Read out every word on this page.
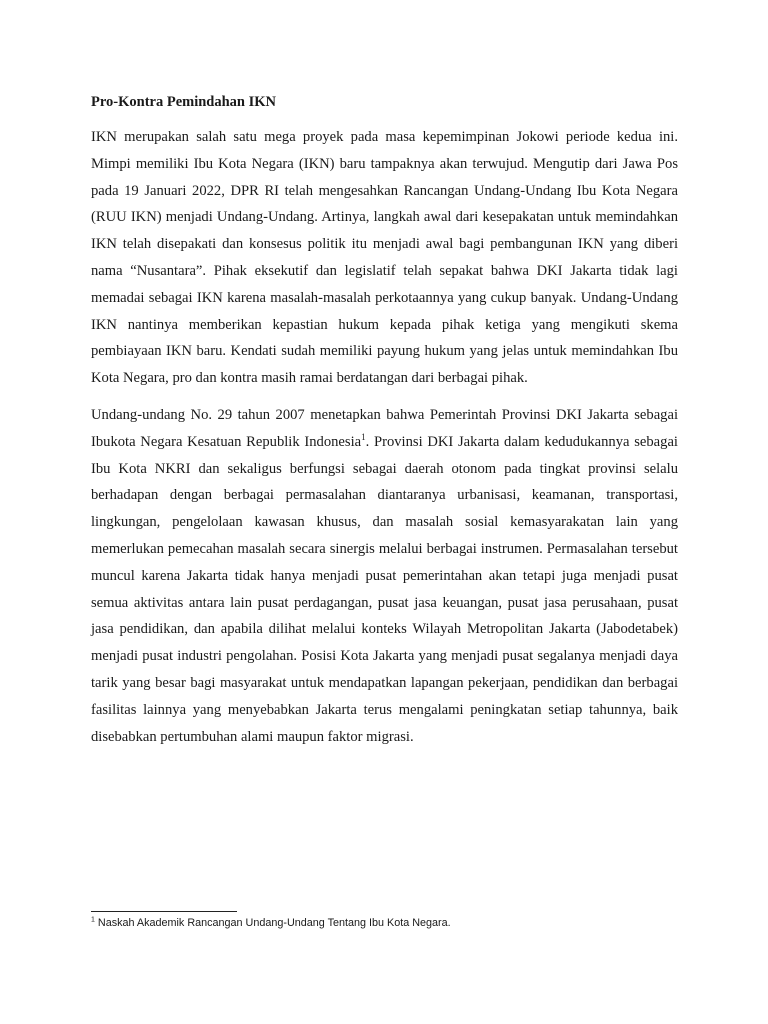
Pro-Kontra Pemindahan IKN

IKN merupakan salah satu mega proyek pada masa kepemimpinan Jokowi periode kedua ini. Mimpi memiliki Ibu Kota Negara (IKN) baru tampaknya akan terwujud. Mengutip dari Jawa Pos pada 19 Januari 2022, DPR RI telah mengesahkan Rancangan Undang-Undang Ibu Kota Negara (RUU IKN) menjadi Undang-Undang. Artinya, langkah awal dari kesepakatan untuk memindahkan IKN telah disepakati dan konsesus politik itu menjadi awal bagi pembangunan IKN yang diberi nama “Nusantara”. Pihak eksekutif dan legislatif telah sepakat bahwa DKI Jakarta tidak lagi memadai sebagai IKN karena masalah-masalah perkotaannya yang cukup banyak. Undang-Undang IKN nantinya memberikan kepastian hukum kepada pihak ketiga yang mengikuti skema pembiayaan IKN baru. Kendati sudah memiliki payung hukum yang jelas untuk memindahkan Ibu Kota Negara, pro dan kontra masih ramai berdatangan dari berbagai pihak.

Undang-undang No. 29 tahun 2007 menetapkan bahwa Pemerintah Provinsi DKI Jakarta sebagai Ibukota Negara Kesatuan Republik Indonesia$^1$. Provinsi DKI Jakarta dalam kedudukannya sebagai Ibu Kota NKRI dan sekaligus berfungsi sebagai daerah otonom pada tingkat provinsi selalu berhadapan dengan berbagai permasalahan diantaranya urbanisasi, keamanan, transportasi, lingkungan, pengelolaan kawasan khusus, dan masalah sosial kemasyarakatan lain yang memerlukan pemecahan masalah secara sinergis melalui berbagai instrumen. Permasalahan tersebut muncul karena Jakarta tidak hanya menjadi pusat pemerintahan akan tetapi juga menjadi pusat semua aktivitas antara lain pusat perdagangan, pusat jasa keuangan, pusat jasa perusahaan, pusat jasa pendidikan, dan apabila dilihat melalui konteks Wilayah Metropolitan Jakarta (Jabodetabek) menjadi pusat industri pengolahan. Posisi Kota Jakarta yang menjadi pusat segalanya menjadi daya tarik yang besar bagi masyarakat untuk mendapatkan lapangan pekerjaan, pendidikan dan berbagai fasilitas lainnya yang menyebabkan Jakarta terus mengalami peningkatan setiap tahunnya, baik disebabkan pertumbuhan alami maupun faktor migrasi.

$^1$ Naskah Akademik Rancangan Undang-Undang Tentang Ibu Kota Negara.
